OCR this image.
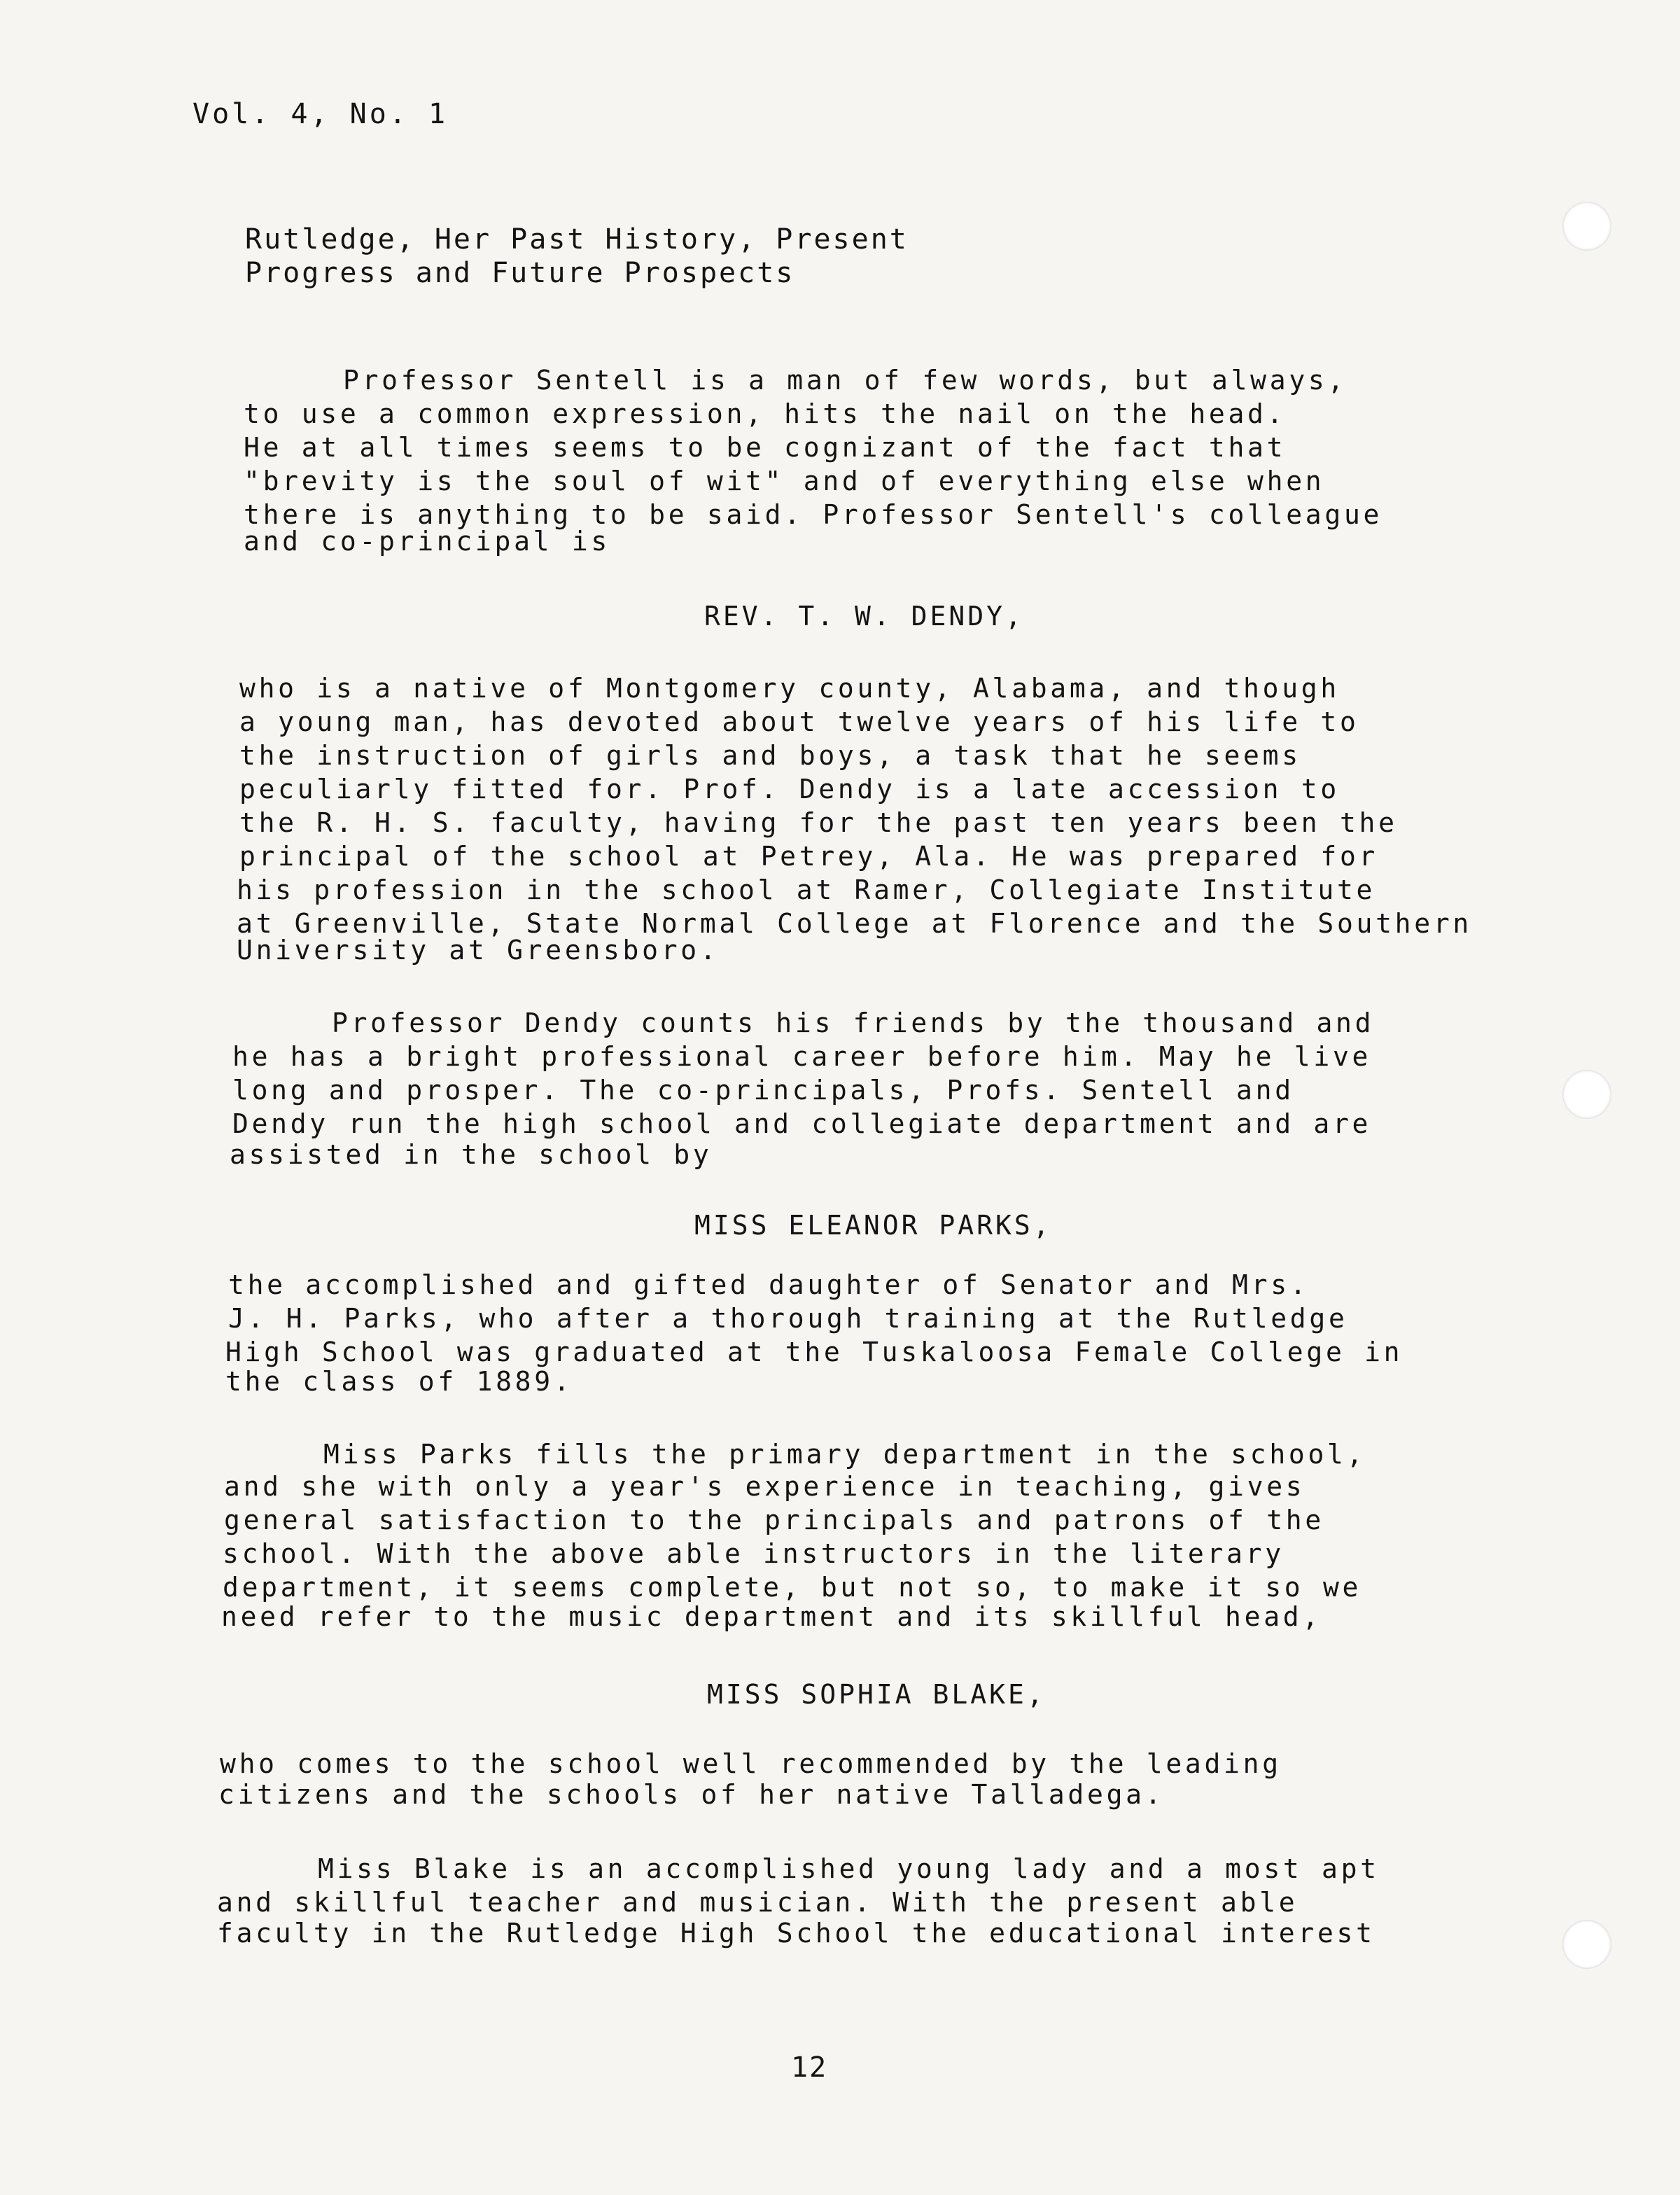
Vol. 4, No. 1
Rutledge, Her Past History, Present
Progress and Future Prospects
Professor Sentell is a man of few words, but always,
to use a common expression, hits the nail on the head.
He at all times seems to be cognizant of the fact that
"brevity is the soul of wit" and of everything else when
there is anything to be said. Professor Sentell's colleague
and co-principal is
REV. T. W. DENDY,
who is a native of Montgomery county, Alabama, and though
a young man, has devoted about twelve years of his life to
the instruction of girls and boys, a task that he seems
peculiarly fitted for. Prof. Dendy is a late accession to
the R. H. S. faculty, having for the past ten years been the
principal of the school at Petrey, Ala. He was prepared for
his profession in the school at Ramer, Collegiate Institute
at Greenville, State Normal College at Florence and the Southern
University at Greensboro.
Professor Dendy counts his friends by the thousand and
he has a bright professional career before him. May he live
long and prosper. The co-principals, Profs. Sentell and
Dendy run the high school and collegiate department and are
assisted in the school by
MISS ELEANOR PARKS,
the accomplished and gifted daughter of Senator and Mrs.
J. H. Parks, who after a thorough training at the Rutledge
High School was graduated at the Tuskaloosa Female College in
the class of 1889.
Miss Parks fills the primary department in the school,
and she with only a year's experience in teaching, gives
general satisfaction to the principals and patrons of the
school. With the above able instructors in the literary
department, it seems complete, but not so, to make it so we
need refer to the music department and its skillful head,
MISS SOPHIA BLAKE,
who comes to the school well recommended by the leading
citizens and the schools of her native Talladega.
Miss Blake is an accomplished young lady and a most apt
and skillful teacher and musician. With the present able
faculty in the Rutledge High School the educational interest
12
